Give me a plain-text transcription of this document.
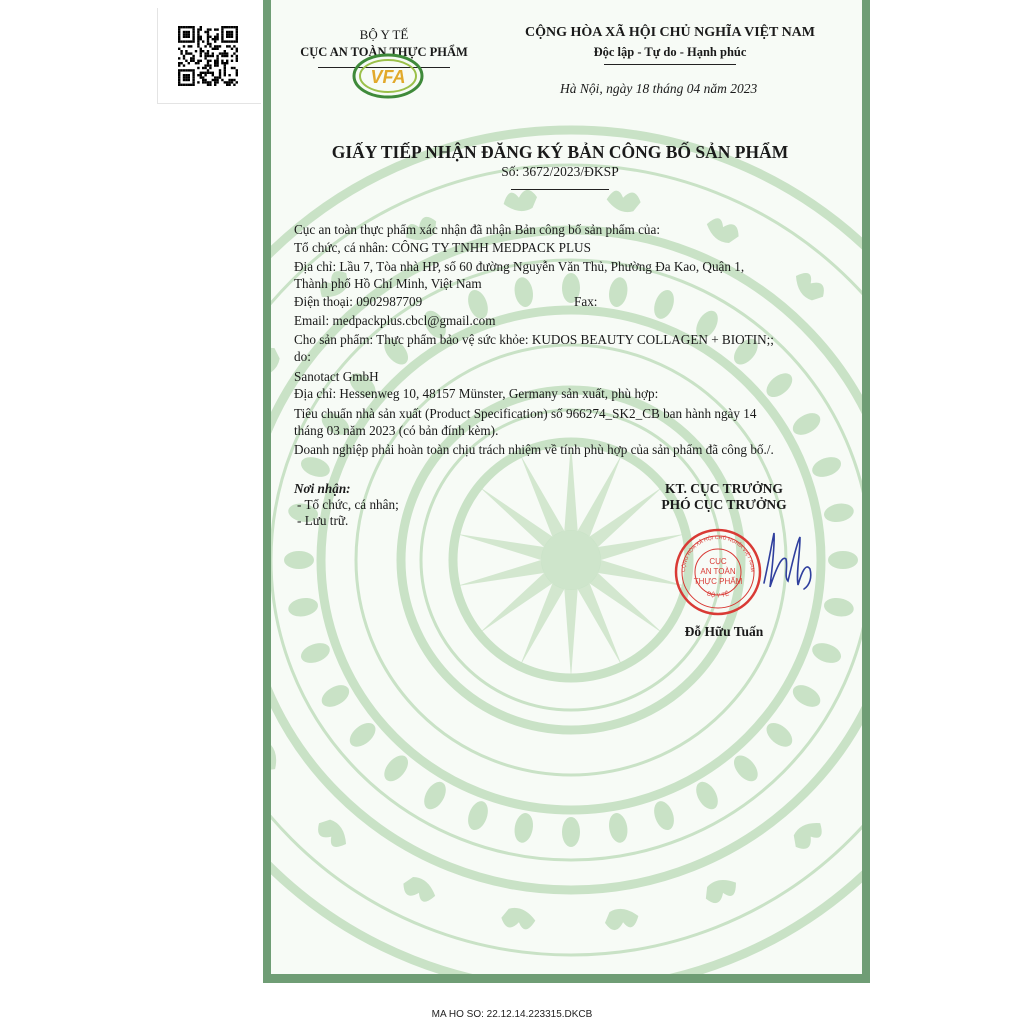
BỘ Y TẾ
CỤC AN TOÀN THỰC PHẨM
VFA
CỘNG HÒA XÃ HỘI CHỦ NGHĨA VIỆT NAM
Độc lập - Tự do - Hạnh phúc
Hà Nội, ngày 18 tháng 04 năm 2023
GIẤY TIẾP NHẬN ĐĂNG KÝ BẢN CÔNG BỐ SẢN PHẨM
Số: 3672/2023/ĐKSP
Cục an toàn thực phẩm xác nhận đã nhận Bản công bố sản phẩm của:
Tổ chức, cá nhân: CÔNG TY TNHH MEDPACK PLUS
Địa chỉ: Lầu 7, Tòa nhà HP, số 60 đường Nguyễn Văn Thủ, Phường Đa Kao, Quận 1,
Thành phố Hồ Chí Minh, Việt Nam
Điện thoại: 0902987709	Fax:
Email: medpackplus.cbcl@gmail.com
Cho sản phẩm: Thực phẩm bảo vệ sức khỏe: KUDOS BEAUTY COLLAGEN + BIOTIN;;
do:
Sanotact GmbH
Địa chỉ: Hessenweg 10, 48157 Münster, Germany sản xuất, phù hợp:
Tiêu chuẩn nhà sản xuất (Product Specification) số 966274_SK2_CB ban hành ngày 14
tháng 03 năm 2023 (có bản đính kèm).
Doanh nghiệp phải hoàn toàn chịu trách nhiệm về tính phù hợp của sản phẩm đã công bố./.
Nơi nhận:
- Tổ chức, cá nhân;
- Lưu trữ.
KT. CỤC TRƯỞNG
PHÓ CỤC TRƯỞNG
CỘNG HÒA XÃ HỘI CHỦ NGHĨA VIỆT NAM
BỘ Y TẾ
CỤC
AN TOÀN
THỰC PHẨM
Đỗ Hữu Tuấn
MA HO SO: 22.12.14.223315.DKCB
